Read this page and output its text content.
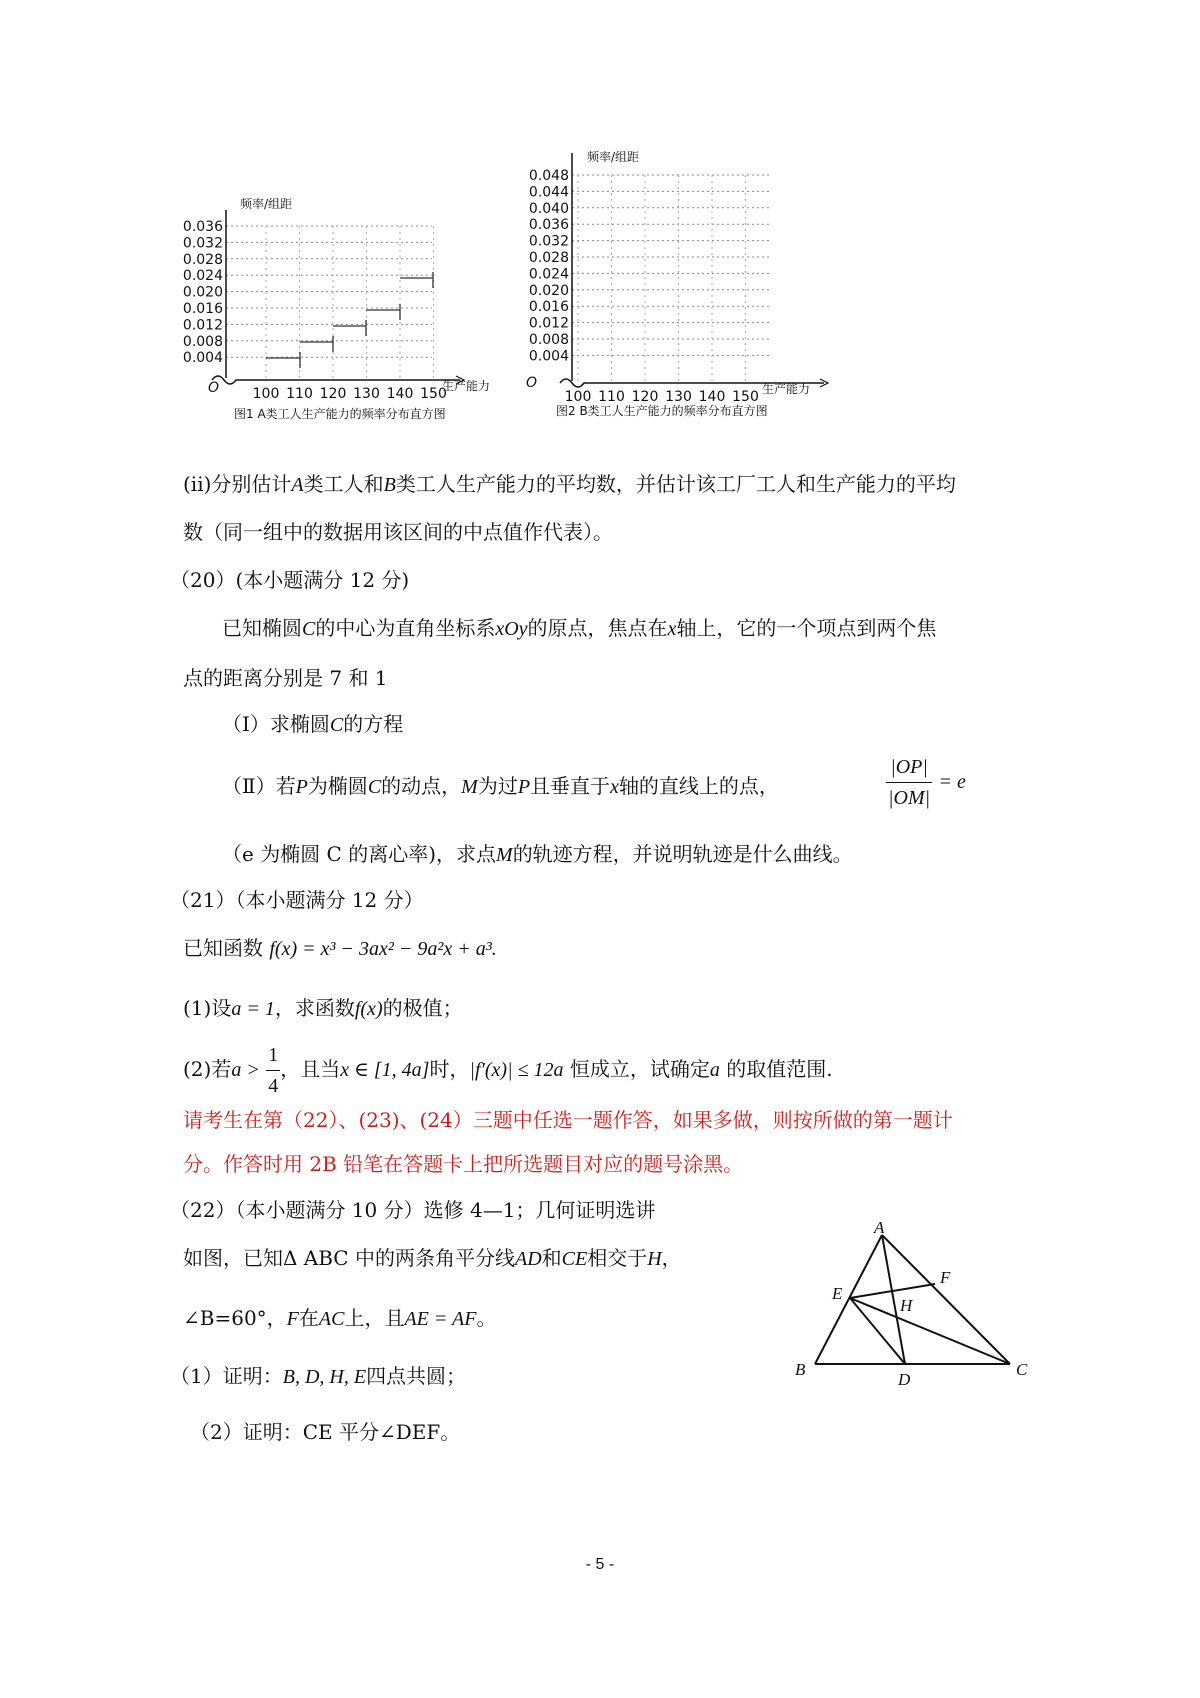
频率/组距
0.036
0.032
0.028
0.024
0.020
0.016
0.012
0.008
0.004
O 100 110 120 130 140 150
生产能力
图1 A类工人生产能力的频率分布直方图
频率/组距
0.048
0.044
0.040
0.036
0.032
0.028
0.024
0.020
0.016
0.012
0.008
0.004
O
100 110 120 130 140 150 生产能力
图2 B类工人生产能力的频率分布直方图
(ii)分别估计A类工人和B类工人生产能力的平均数，并估计该工厂工人和生产能力的平均
数（同一组中的数据用该区间的中点值作代表）。
（20）(本小题满分 12 分)
已知椭圆C的中心为直角坐标系xOy的原点，焦点在x轴上，它的一个项点到两个焦
点的距离分别是 7 和 1
（Ⅰ）求椭圆C的方程
（Ⅱ）若P为椭圆C的动点，M为过P且垂直于x轴的直线上的点，	$\frac{|OP|}{|OM|} = e$
（e 为椭圆 C 的离心率)，求点M的轨迹方程，并说明轨迹是什么曲线。
（21）（本小题满分 12 分）
已知函数 f(x) = x³ − 3ax² − 9a²x + a³.
(1)设a = 1，求函数f(x)的极值；
(2)若$a > \frac{1}{4}$ ，且当x ∈ [1, 4a]时，|f′(x)| ≤ 12a 恒成立，试确定a 的取值范围.
请考生在第（22）、(23)、(24）三题中任选一题作答，如果多做，则按所做的第一题计
分。作答时用 2B 铅笔在答题卡上把所选题目对应的题号涂黑。
（22）（本小题满分 10 分）选修 4—1；几何证明选讲
如图，已知Δ ABC 中的两条角平分线AD和CE相交于H，
∠B=60°，F在AC上，且AE = AF。
（1）证明：B, D, H, E四点共圆；
（2）证明：CE 平分∠DEF。
A
B	C
D
E
F
H
- 5 -
